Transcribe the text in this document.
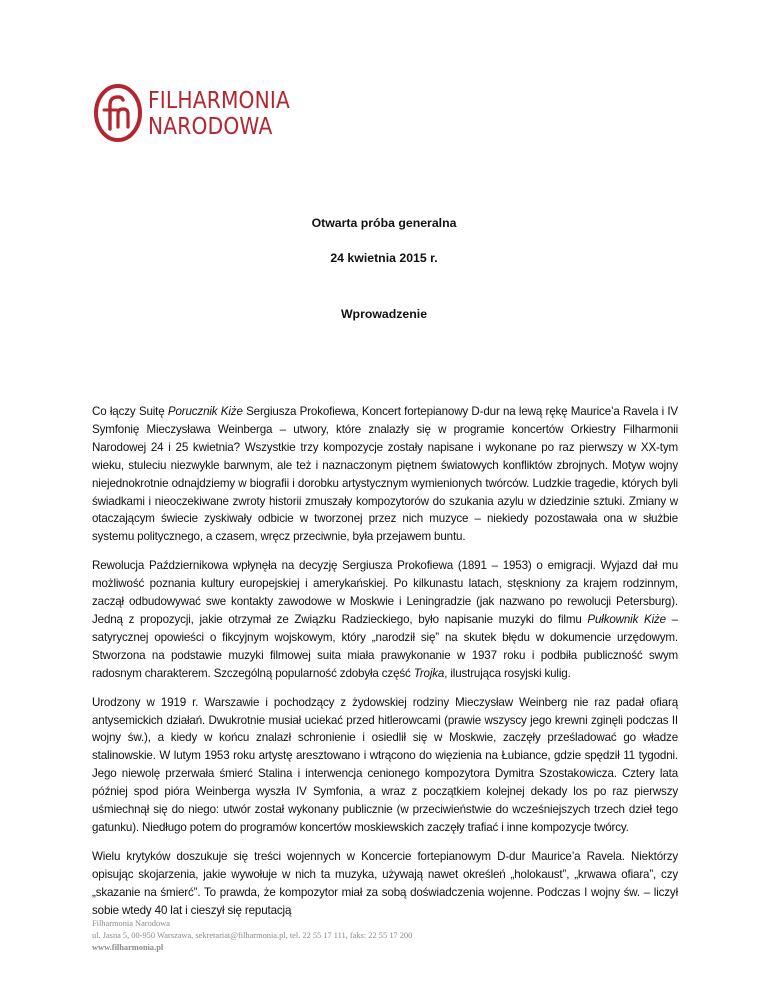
FILHARMONIA
NARODOWA
Otwarta próba generalna
24 kwietnia 2015 r.
Wprowadzenie

Co łączy Suitę Porucznik Kiże Sergiusza Prokofiewa, Koncert fortepianowy D-dur na lewą rękę Maurice’a Ravela i IV Symfonię Mieczysława Weinberga – utwory, które znalazły się w programie koncertów Orkiestry Filharmonii Narodowej 24 i 25 kwietnia? Wszystkie trzy kompozycje zostały napisane i wykonane po raz pierwszy w XX-tym wieku, stuleciu niezwykle barwnym, ale też i naznaczonym piętnem światowych konfliktów zbrojnych. Motyw wojny niejednokrotnie odnajdziemy w biografii i dorobku artystycznym wymienionych twórców. Ludzkie tragedie, których byli świadkami i nieoczekiwane zwroty historii zmuszały kompozytorów do szukania azylu w dziedzinie sztuki. Zmiany w otaczającym świecie zyskiwały odbicie w tworzonej przez nich muzyce – niekiedy pozostawała ona w służbie systemu politycznego, a czasem, wręcz przeciwnie, była przejawem buntu.

Rewolucja Październikowa wpłynęła na decyzję Sergiusza Prokofiewa (1891 – 1953) o emigracji. Wyjazd dał mu możliwość poznania kultury europejskiej i amerykańskiej. Po kilkunastu latach, stęskniony za krajem rodzinnym, zaczął odbudowywać swe kontakty zawodowe w Moskwie i Leningradzie (jak nazwano po rewolucji Petersburg). Jedną z propozycji, jakie otrzymał ze Związku Radzieckiego, było napisanie muzyki do filmu Pułkownik Kiże – satyrycznej opowieści o fikcyjnym wojskowym, który „narodził się” na skutek błędu w dokumencie urzędowym. Stworzona na podstawie muzyki filmowej suita miała prawykonanie w 1937 roku i podbiła publiczność swym radosnym charakterem. Szczególną popularność zdobyła część Trojka, ilustrująca rosyjski kulig.

Urodzony w 1919 r. Warszawie i pochodzący z żydowskiej rodziny Mieczysław Weinberg nie raz padał ofiarą antysemickich działań. Dwukrotnie musiał uciekać przed hitlerowcami (prawie wszyscy jego krewni zginęli podczas II wojny św.), a kiedy w końcu znalazł schronienie i osiedlił się w Moskwie, zaczęły prześladować go władze stalinowskie. W lutym 1953 roku artystę aresztowano i wtrącono do więzienia na Łubiance, gdzie spędził 11 tygodni. Jego niewolę przerwała śmierć Stalina i interwencja cenionego kompozytora Dymitra Szostakowicza. Cztery lata później spod pióra Weinberga wyszła IV Symfonia, a wraz z początkiem kolejnej dekady los po raz pierwszy uśmiechnął się do niego: utwór został wykonany publicznie (w przeciwieństwie do wcześniejszych trzech dzieł tego gatunku). Niedługo potem do programów koncertów moskiewskich zaczęły trafiać i inne kompozycje twórcy.

Wielu krytyków doszukuje się treści wojennych w Koncercie fortepianowym D-dur Maurice’a Ravela. Niektórzy opisując skojarzenia, jakie wywołuje w nich ta muzyka, używają nawet określeń „holokaust”, „krwawa ofiara”, czy „skazanie na śmierć”. To prawda, że kompozytor miał za sobą doświadczenia wojenne. Podczas I wojny św. – liczył sobie wtedy 40 lat i cieszył się reputacją

Filharmonia Narodowa
ul. Jasna 5, 00-950 Warszawa, sekretariat@filharmonia.pl, tel. 22 55 17 111, faks: 22 55 17 200
www.filharmonia.pl
